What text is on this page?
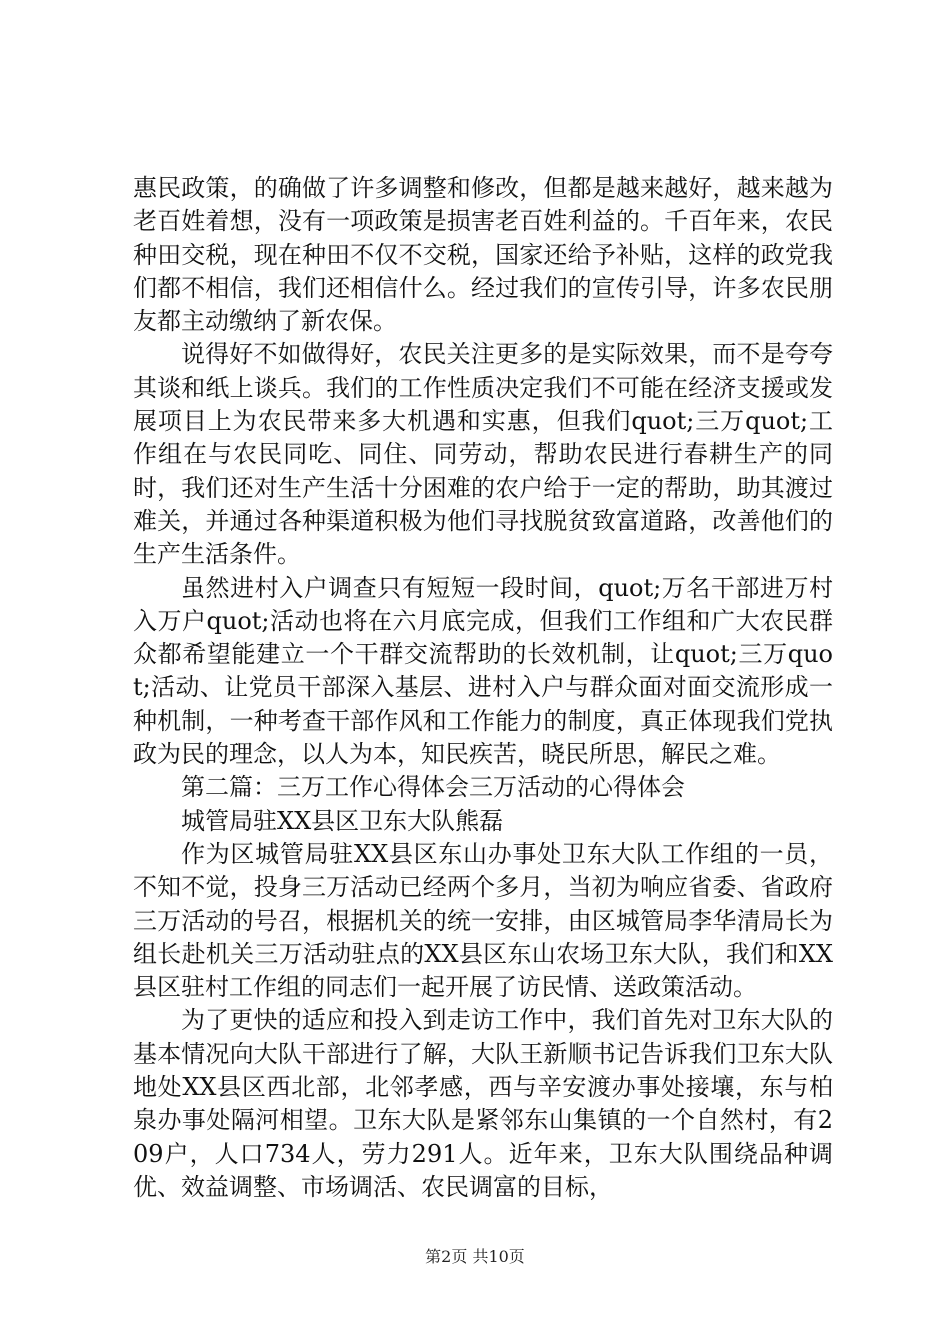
惠民政策，的确做了许多调整和修改，但都是越来越好，越来越为老百姓着想，没有一项政策是损害老百姓利益的。千百年来，农民种田交税，现在种田不仅不交税，国家还给予补贴，这样的政党我们都不相信，我们还相信什么。经过我们的宣传引导，许多农民朋友都主动缴纳了新农保。

说得好不如做得好，农民关注更多的是实际效果，而不是夸夸其谈和纸上谈兵。我们的工作性质决定我们不可能在经济支援或发展项目上为农民带来多大机遇和实惠，但我们quot;三万quot;工作组在与农民同吃、同住、同劳动，帮助农民进行春耕生产的同时，我们还对生产生活十分困难的农户给于一定的帮助，助其渡过难关，并通过各种渠道积极为他们寻找脱贫致富道路，改善他们的生产生活条件。

虽然进村入户调查只有短短一段时间，quot;万名干部进万村入万户quot;活动也将在六月底完成，但我们工作组和广大农民群众都希望能建立一个干群交流帮助的长效机制，让quot;三万quot;活动、让党员干部深入基层、进村入户与群众面对面交流形成一种机制，一种考查干部作风和工作能力的制度，真正体现我们党执政为民的理念，以人为本，知民疾苦，晓民所思，解民之难。

第二篇：三万工作心得体会三万活动的心得体会

城管局驻XX县区卫东大队熊磊

作为区城管局驻XX县区东山办事处卫东大队工作组的一员，不知不觉，投身三万活动已经两个多月，当初为响应省委、省政府三万活动的号召，根据机关的统一安排，由区城管局李华清局长为组长赴机关三万活动驻点的XX县区东山农场卫东大队，我们和XX县区驻村工作组的同志们一起开展了访民情、送政策活动。

为了更快的适应和投入到走访工作中，我们首先对卫东大队的基本情况向大队干部进行了解，大队王新顺书记告诉我们卫东大队地处XX县区西北部，北邻孝感，西与辛安渡办事处接壤，东与柏泉办事处隔河相望。卫东大队是紧邻东山集镇的一个自然村，有209户，人口734人，劳力291人。近年来，卫东大队围绕品种调优、效益调整、市场调活、农民调富的目标，

第2页 共10页
